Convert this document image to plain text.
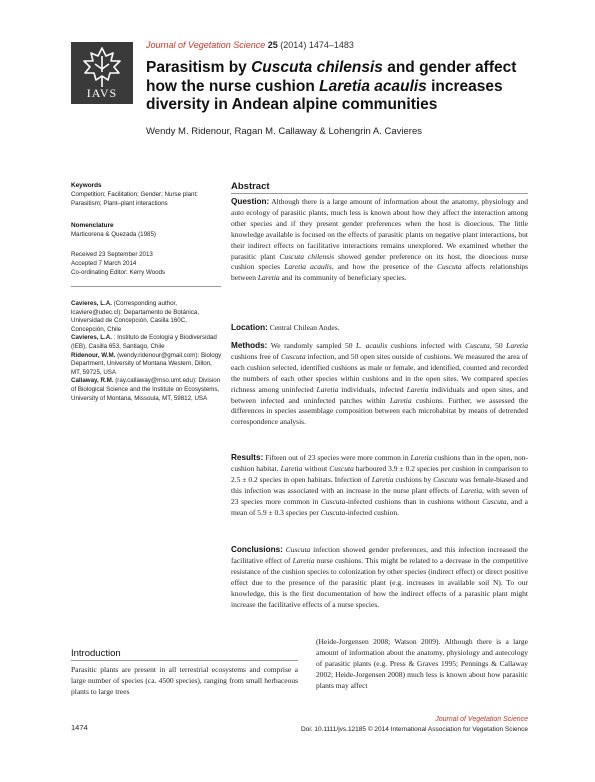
IAVS
Journal of Vegetation Science 25 (2014) 1474–1483
Parasitism by Cuscuta chilensis and gender affect how the nurse cushion Laretia acaulis increases diversity in Andean alpine communities
Wendy M. Ridenour, Ragan M. Callaway & Lohengrin A. Cavieres
Keywords
Competition; Facilitation; Gender; Nurse plant; Parasitism; Plant–plant interactions
Nomenclature
Marticorena & Quezada (1985)
Received 23 September 2013
Accepted 7 March 2014
Co-ordinating Editor: Kerry Woods
Cavieres, L.A. (Corresponding author, lcaviere@udec.cl): Departamento de Botánica, Universidad de Concepción, Casilla 160C, Concepción, Chile
Cavieres, L.A. : Instituto de Ecología y Biodiversidad (IEB), Casilla 653, Santiago, Chile
Ridenour, W.M. (wendy.ridenour@gmail.com): Biology Department, University of Montana Western, Dillon, MT, 59725, USA
Callaway, R.M. (ray.callaway@mso.umt.edu): Division of Biological Science and the Institute on Ecosystems, University of Montana, Missoula, MT, 59812, USA
Abstract
Question: Although there is a large amount of information about the anatomy, physiology and auto ecology of parasitic plants, much less is known about how they affect the interaction among other species and if they present gender preferences when the host is dioecious. The little knowledge available is focused on the effects of parasitic plants on negative plant interactions, but their indirect effects on facilitative interactions remains unexplored. We examined whether the parasitic plant Cuscuta chilensis showed gender preference on its host, the dioecious nurse cushion species Laretia acaulis, and how the presence of the Cuscuta affects relationships between Laretia and its community of beneficiary species.
Location: Central Chilean Andes.
Methods: We randomly sampled 50 L. acaulis cushions infected with Cuscuta, 50 Laretia cushions free of Cuscuta infection, and 50 open sites outside of cushions. We measured the area of each cushion selected, identified cushions as male or female, and identified, counted and recorded the numbers of each other species within cushions and in the open sites. We compared species richness among uninfected Laretia individuals, infected Laretia individuals and open sites, and between infected and uninfected patches within Laretia cushions. Further, we assessed the differences in species assemblage composition between each microhabitat by means of detrended correspondence analysis.
Results: Fifteen out of 23 species were more common in Laretia cushions than in the open, non-cushion habitat. Laretia without Cuscuta harboured 3.9 ± 0.2 species per cushion in comparison to 2.5 ± 0.2 species in open habitats. Infection of Laretia cushions by Cuscuta was female-biased and this infection was associated with an increase in the nurse plant effects of Laretia, with seven of 23 species more common in Cuscuta-infected cushions than in cushions without Cuscuta, and a mean of 5.9 ± 0.3 species per Cuscuta-infected cushion.
Conclusions: Cuscuta infection showed gender preferences, and this infection increased the facilitative effect of Laretia nurse cushions. This might be related to a decrease in the competitive resistance of the cushion species to colonization by other species (indirect effect) or direct positive effect due to the presence of the parasitic plant (e.g. increases in available soil N). To our knowledge, this is the first documentation of how the indirect effects of a parasitic plant might increase the facilitative effects of a nurse species.
Introduction
Parasitic plants are present in all terrestrial ecosystems and comprise a large number of species (ca. 4500 species), ranging from small herbaceous plants to large trees
(Heide-Jorgensen 2008; Watson 2009). Although there is a large amount of information about the anatomy, physiology and autecology of parasitic plants (e.g. Press & Graves 1995; Pennings & Callaway 2002; Heide-Jorgensen 2008) much less is known about how parasitic plants may affect
1474
Journal of Vegetation Science
Doi: 10.1111/jvs.12185 © 2014 International Association for Vegetation Science
